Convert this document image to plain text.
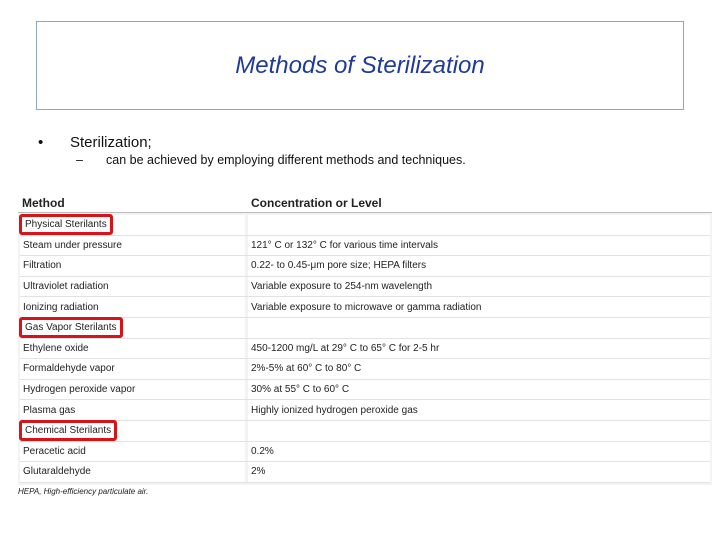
Methods of Sterilization
• Sterilization;
– can be achieved by employing different methods and techniques.
Method	Concentration or Level
Physical Sterilants
Steam under pressure	121° C or 132° C for various time intervals
Filtration	0.22- to 0.45-μm pore size; HEPA filters
Ultraviolet radiation	Variable exposure to 254-nm wavelength
Ionizing radiation	Variable exposure to microwave or gamma radiation
Gas Vapor Sterilants
Ethylene oxide	450-1200 mg/L at 29° C to 65° C for 2-5 hr
Formaldehyde vapor	2%-5% at 60° C to 80° C
Hydrogen peroxide vapor	30% at 55° C to 60° C
Plasma gas	Highly ionized hydrogen peroxide gas
Chemical Sterilants
Peracetic acid	0.2%
Glutaraldehyde	2%
HEPA, High-efficiency particulate air.
